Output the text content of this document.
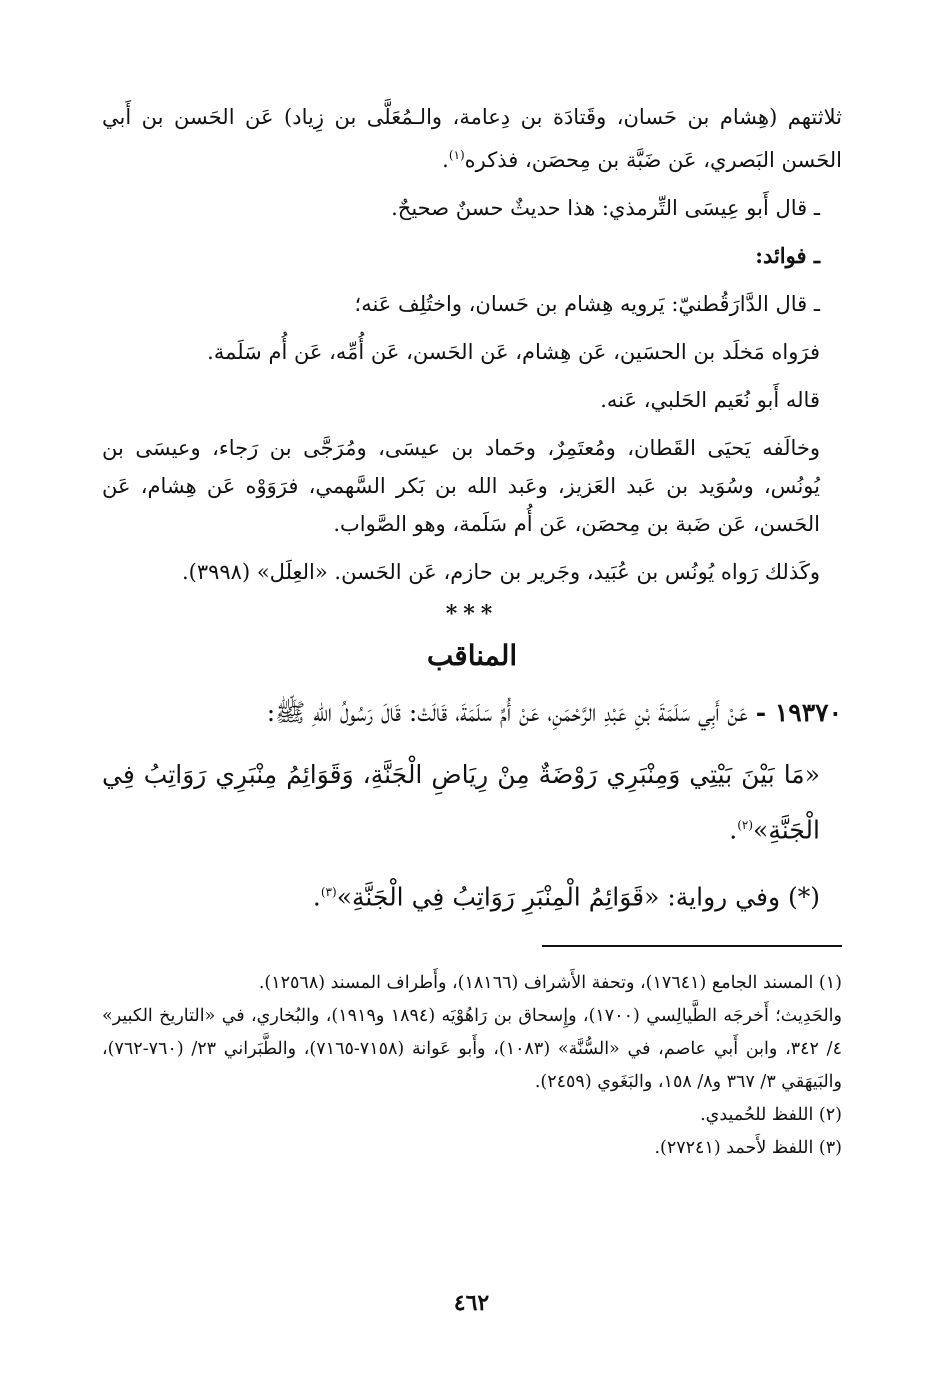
ثلاثتهم (هِشام بن حَسان، وقَتادَة بن دِعامة، والـمُعَلَّى بن زِياد) عَن الحَسن بن أَبي الحَسن البَصري، عَن ضَبَّة بن مِحصَن، فذكره$^{(١)}$.

ـ قال أَبو عِيسَى التِّرمذي: هذا حديثٌ حسنٌ صحيحٌ.

ـ فوائد:

ـ قال الدَّارَقُطنيّ: يَرويه هِشام بن حَسان، واختُلِف عَنه؛

فرَواه مَخلَد بن الحسَين، عَن هِشام، عَن الحَسن، عَن أُمِّه، عَن أُم سَلَمة.

قاله أَبو نُعَيم الحَلبي، عَنه.

وخالَفه يَحيَى القَطان، ومُعتَمِرٌ، وحَماد بن عيسَى، ومُرَجَّى بن رَجاء، وعيسَى بن يُونُس، وسُوَيد بن عَبد العَزيز، وعَبد الله بن بَكر السَّهمي، فرَوَوْه عَن هِشام، عَن الحَسن، عَن ضَبة بن مِحصَن، عَن أُم سَلَمة، وهو الصَّواب.

وكَذلك رَواه يُونُس بن عُبَيد، وجَرير بن حازم، عَن الحَسن. «العِلَل» (٣٩٩٨).

***
المناقب

١٩٣٧٠ - عَنْ أَبِي سَلَمَةَ بْنِ عَبْدِ الرَّحْمَنِ، عَنْ أُمِّ سَلَمَةَ، قَالَتْ: قَالَ رَسُولُ اللهِ ﷺ:

«مَا بَيْنَ بَيْتِي وَمِنْبَرِي رَوْضَةٌ مِنْ رِيَاضِ الْجَنَّةِ، وَقَوَائِمُ مِنْبَرِي رَوَاتِبُ فِي الْجَنَّةِ»$^{(٢)}$.

(*) وفي رواية: «قَوَائِمُ الْمِنْبَرِ رَوَاتِبُ فِي الْجَنَّةِ»$^{(٣)}$.

(١) المسند الجامع (١٧٦٤١)، وتحفة الأَشراف (١٨١٦٦)، وأَطراف المسند (١٢٥٦٨).

والحَدِيث؛ أَخرجَه الطَّيالِسي (١٧٠٠)، وإِسحاق بن رَاهُوْيَه (١٨٩٤ و١٩١٩)، والبُخاري، في «التاريخ الكبير» ٤/ ٣٤٢، وابن أَبي عاصم، في «السُّنَّة» (١٠٨٣)، وأَبو عَوانة (٧١٥٨-٧١٦٥)، والطَّبَراني ٢٣/ (٧٦٠-٧٦٢)، والبَيهَقي ٣/ ٣٦٧ و٨/ ١٥٨، والبَغَوي (٢٤٥٩).

(٢) اللفظ للحُميدي.

(٣) اللفظ لأَحمد (٢٧٢٤١).

٤٦٢
